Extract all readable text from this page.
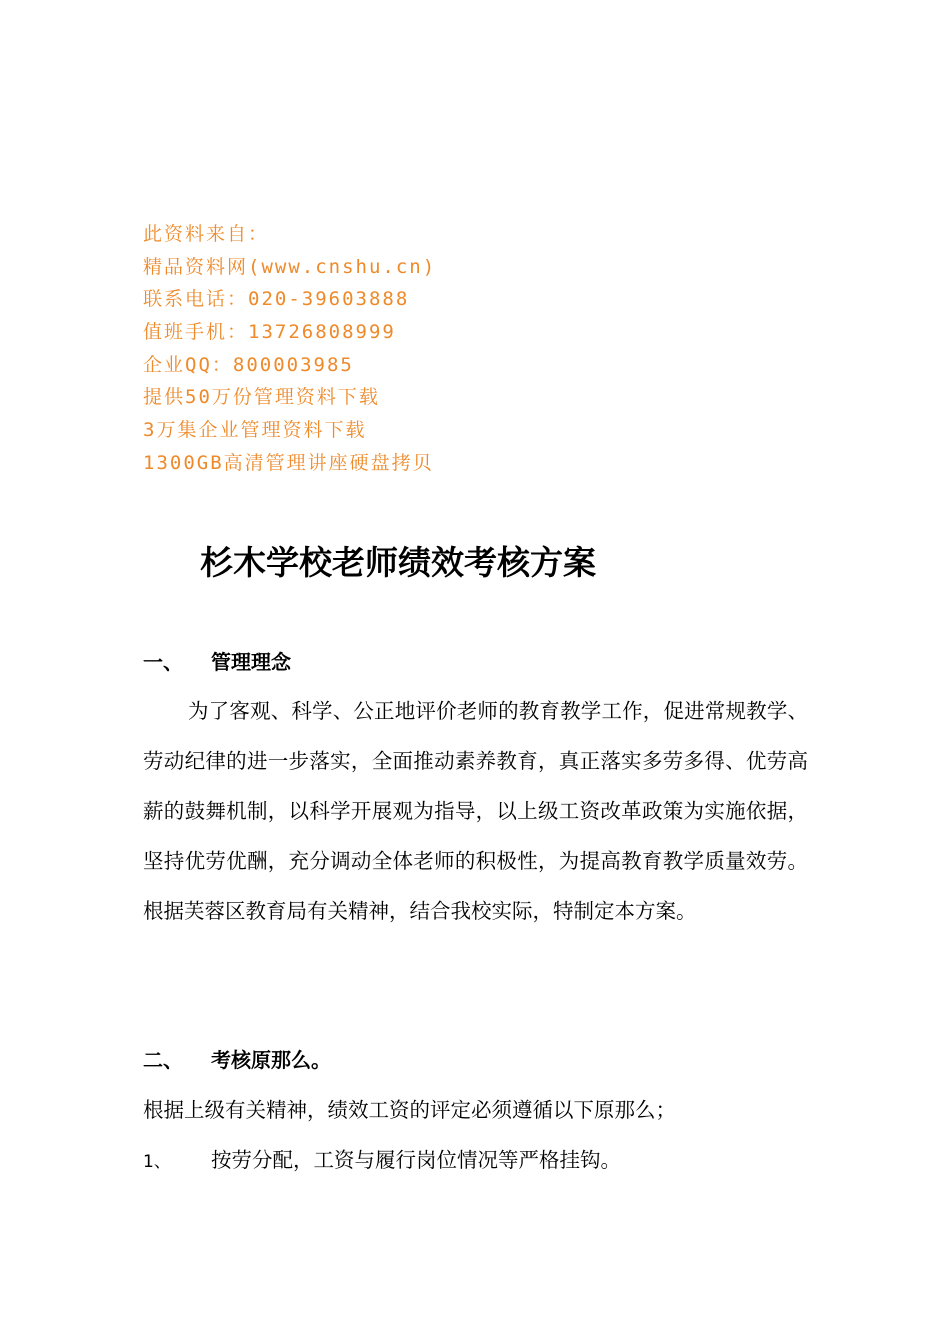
此资料来自：
精品资料网(www.cnshu.cn)
联系电话：020-39603888
值班手机：13726808999
企业QQ：800003985
提供50万份管理资料下载
3万集企业管理资料下载
1300GB高清管理讲座硬盘拷贝
杉木学校老师绩效考核方案
一、 管理理念

为了客观、科学、公正地评价老师的教育教学工作，促进常规教学、劳动纪律的进一步落实，全面推动素养教育，真正落实多劳多得、优劳高薪的鼓舞机制，以科学开展观为指导，以上级工资改革政策为实施依据，坚持优劳优酬，充分调动全体老师的积极性，为提高教育教学质量效劳。根据芙蓉区教育局有关精神，结合我校实际，特制定本方案。

二、 考核原那么。

根据上级有关精神，绩效工资的评定必须遵循以下原那么；

1、 按劳分配，工资与履行岗位情况等严格挂钩。
